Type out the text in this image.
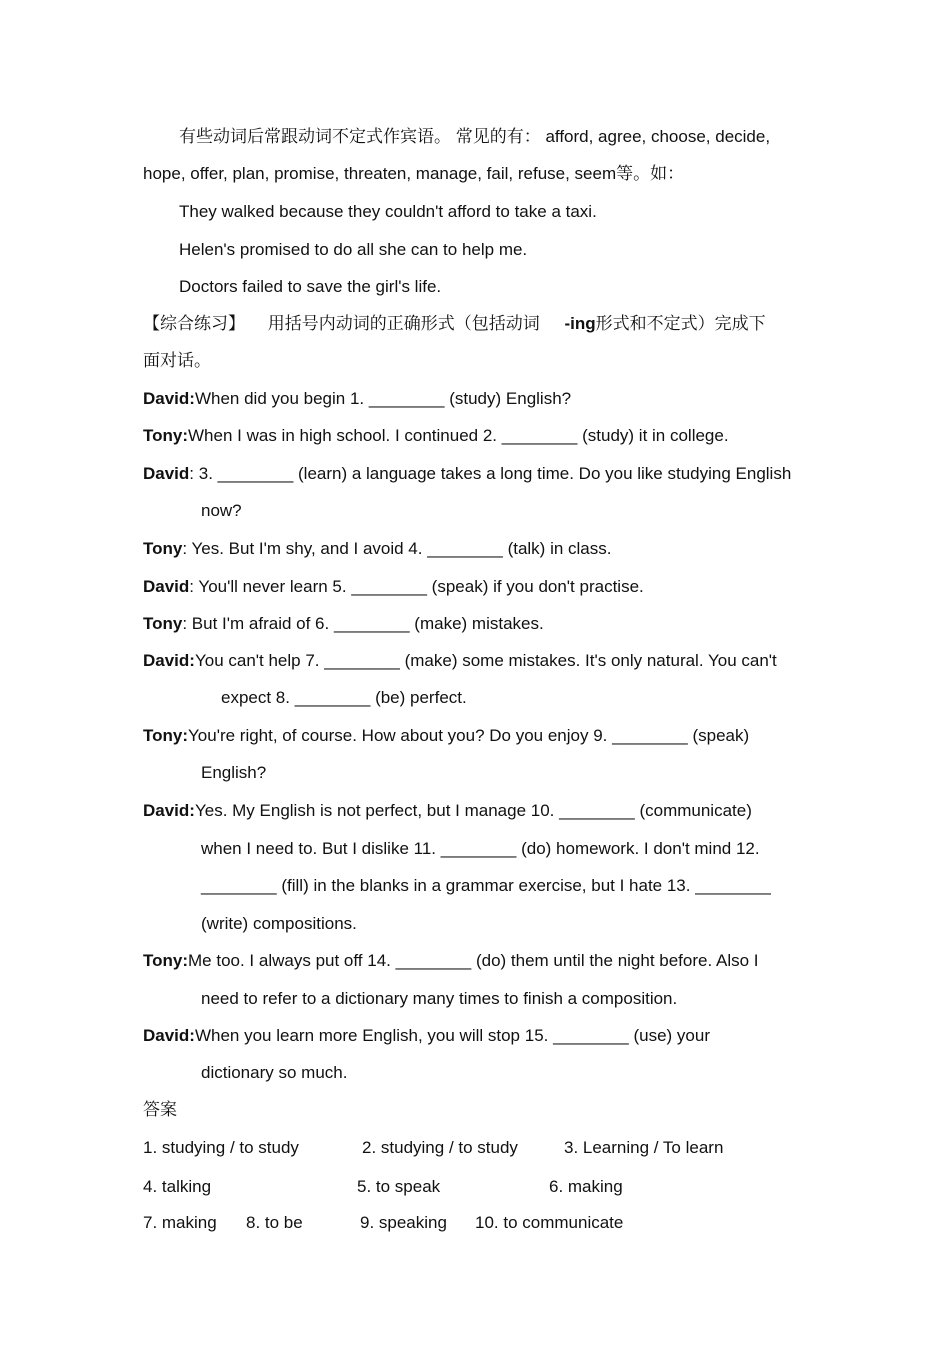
有些动词后常跟动词不定式作宾语。 常见的有： afford, agree, choose, decide,
hope, offer, plan, promise, threaten, manage, fail, refuse, seem等。如：
They walked because they couldn't afford to take a taxi.
Helen's promised to do all she can to help me.
Doctors failed to save the girl's life.
【综合练习】 用括号内动词的正确形式（包括动词 -ing形式和不定式）完成下
面对话。
David:When did you begin 1. ________ (study) English?
Tony:When I was in high school. I continued 2. ________ (study) it in college.
David: 3. ________ (learn) a language takes a long time. Do you like studying English
now?
Tony: Yes. But I'm shy, and I avoid 4. ________ (talk) in class.
David: You'll never learn 5. ________ (speak) if you don't practise.
Tony: But I'm afraid of 6. ________ (make) mistakes.
David:You can't help 7. ________ (make) some mistakes. It's only natural. You can't
expect 8. ________ (be) perfect.
Tony:You're right, of course. How about you? Do you enjoy 9. ________ (speak)
English?
David:Yes. My English is not perfect, but I manage 10. ________ (communicate)
when I need to. But I dislike 11. ________ (do) homework. I don't mind 12.
________ (fill) in the blanks in a grammar exercise, but I hate 13. ________
(write) compositions.
Tony:Me too. I always put off 14. ________ (do) them until the night before. Also I
need to refer to a dictionary many times to finish a composition.
David:When you learn more English, you will stop 15. ________ (use) your
dictionary so much.
答案
1. studying / to study	2. studying / to study	3. Learning / To learn
4. talking	5. to speak	6. making
7. making 8. to be	9. speaking 10. to communicate
